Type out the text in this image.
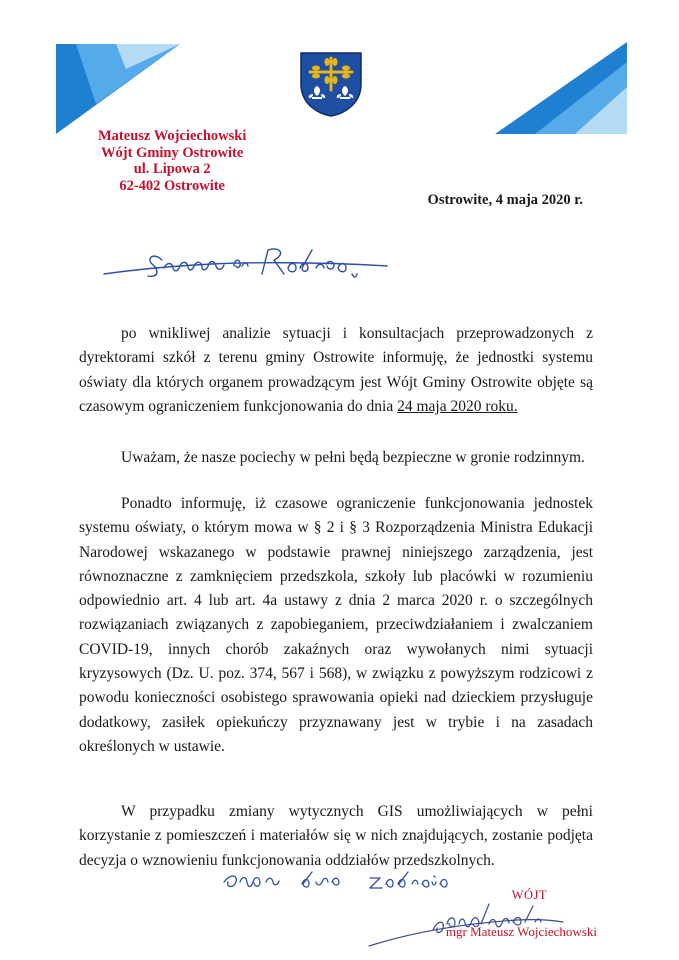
Mateusz Wojciechowski
Wójt Gminy Ostrowite
ul. Lipowa 2
62-402 Ostrowite
Ostrowite, 4 maja 2020 r.

po wnikliwej analizie sytuacji i konsultacjach przeprowadzonych z dyrektorami szkół z terenu gminy Ostrowite informuję, że jednostki systemu oświaty dla których organem prowadzącym jest Wójt Gminy Ostrowite objęte są czasowym ograniczeniem funkcjonowania do dnia 24 maja 2020 roku.

Uważam, że nasze pociechy w pełni będą bezpieczne w gronie rodzinnym.

Ponadto informuję, iż czasowe ograniczenie funkcjonowania jednostek systemu oświaty, o którym mowa w § 2 i § 3 Rozporządzenia Ministra Edukacji Narodowej wskazanego w podstawie prawnej niniejszego zarządzenia, jest równoznaczne z zamknięciem przedszkola, szkoły lub placówki w rozumieniu odpowiednio art. 4 lub art. 4a ustawy z dnia 2 marca 2020 r. o szczególnych rozwiązaniach związanych z zapobieganiem, przeciwdziałaniem i zwalczaniem COVID-19, innych chorób zakaźnych oraz wywołanych nimi sytuacji kryzysowych (Dz. U. poz. 374, 567 i 568), w związku z powyższym rodzicowi z powodu konieczności osobistego sprawowania opieki nad dzieckiem przysługuje dodatkowy, zasiłek opiekuńczy przyznawany jest w trybie i na zasadach określonych w ustawie.

W przypadku zmiany wytycznych GIS umożliwiających w pełni korzystanie z pomieszczeń i materiałów się w nich znajdujących, zostanie podjęta decyzja o wznowieniu funkcjonowania oddziałów przedszkolnych.

WÓJT
mgr Mateusz Wojciechowski
